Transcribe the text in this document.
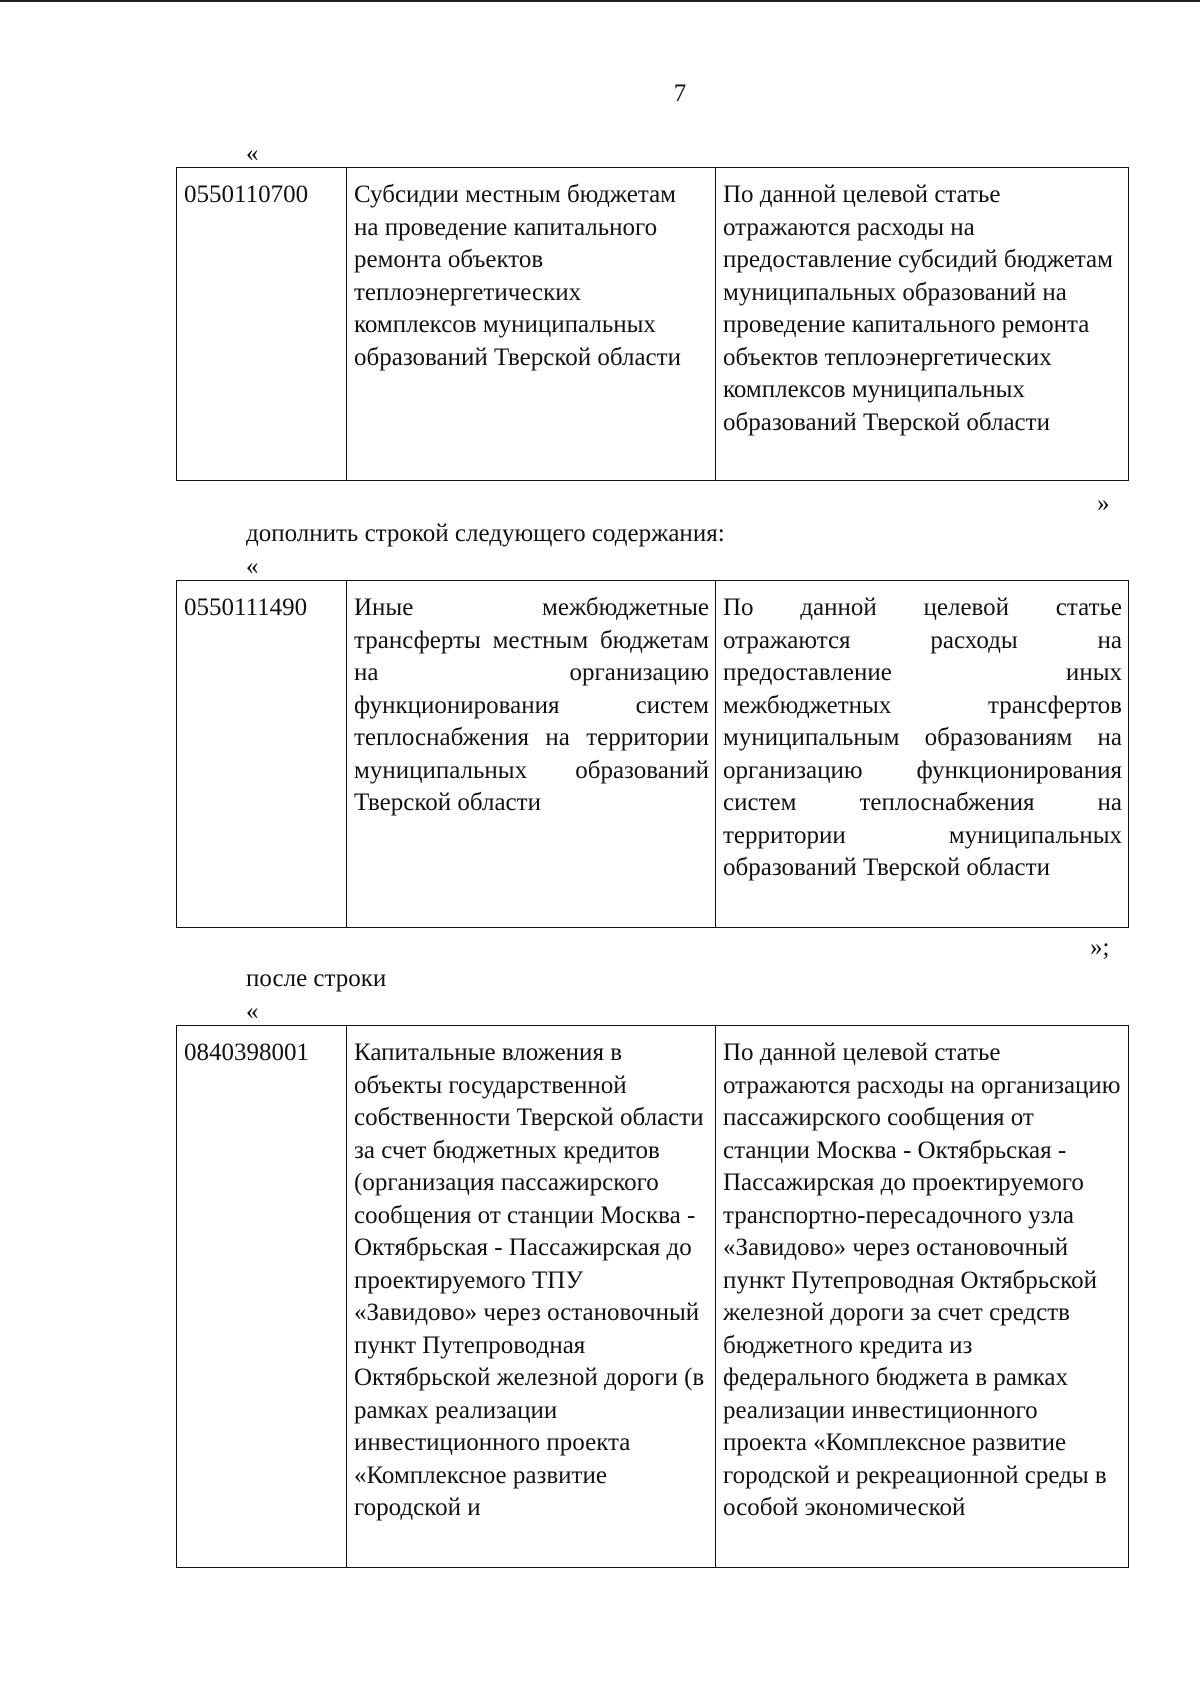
7
«
0550110700	Субсидии местным бюджетам на проведение капитального ремонта объектов теплоэнергетических комплексов муниципальных образований Тверской области	По данной целевой статье отражаются расходы на предоставление субсидий бюджетам муниципальных образований на проведение капитального ремонта объектов теплоэнергетических комплексов муниципальных образований Тверской области
»
дополнить строкой следующего содержания:
«
0550111490	Иные межбюджетные трансферты местным бюджетам на организацию функционирования систем теплоснабжения на территории муниципальных образований Тверской области	По данной целевой статье отражаются расходы на предоставление иных межбюджетных трансфертов муниципальным образованиям на организацию функционирования систем теплоснабжения на территории муниципальных образований Тверской области
»;
после строки
«
0840398001	Капитальные вложения в объекты государственной собственности Тверской области за счет бюджетных кредитов (организация пассажирского сообщения от станции Москва - Октябрьская - Пассажирская до проектируемого ТПУ «Завидово» через остановочный пункт Путепроводная Октябрьской железной дороги (в рамках реализации инвестиционного проекта «Комплексное развитие городской и	По данной целевой статье отражаются расходы на организацию пассажирского сообщения от станции Москва - Октябрьская - Пассажирская до проектируемого транспортно-пересадочного узла «Завидово» через остановочный пункт Путепроводная Октябрьской железной дороги за счет средств бюджетного кредита из федерального бюджета в рамках реализации инвестиционного проекта «Комплексное развитие городской и рекреационной среды в особой экономической
